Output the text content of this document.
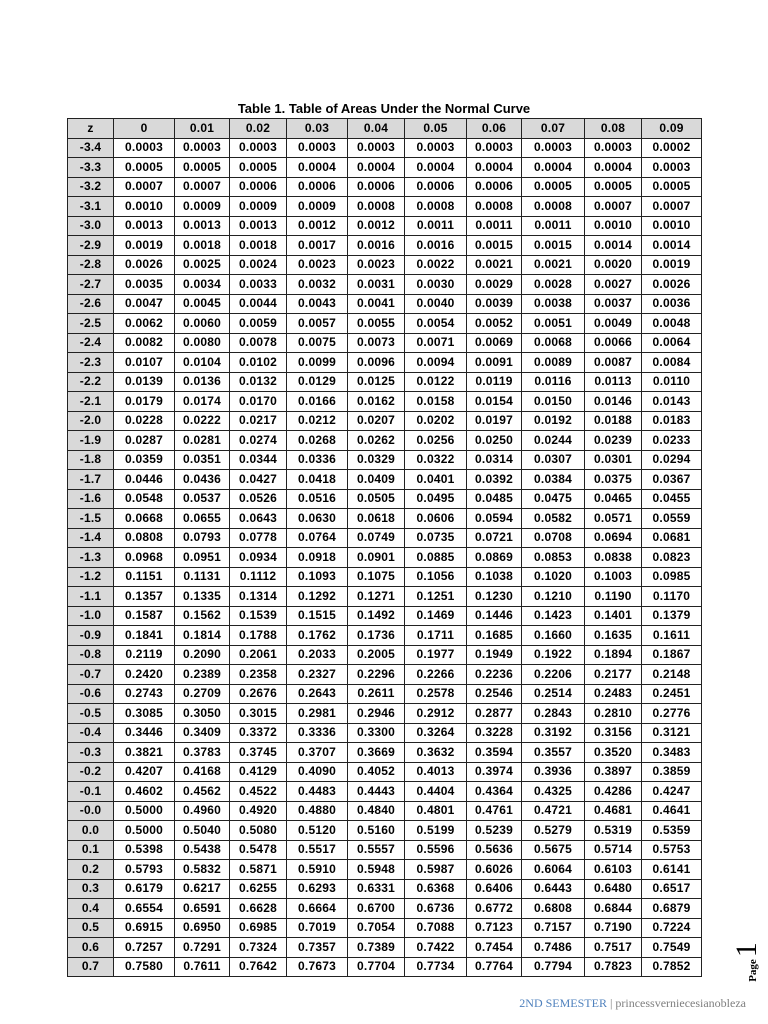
Table 1. Table of Areas Under the Normal Curve
z	0	0.01	0.02	0.03	0.04	0.05	0.06	0.07	0.08	0.09
-3.4	0.0003	0.0003	0.0003	0.0003	0.0003	0.0003	0.0003	0.0003	0.0003	0.0002
-3.3	0.0005	0.0005	0.0005	0.0004	0.0004	0.0004	0.0004	0.0004	0.0004	0.0003
-3.2	0.0007	0.0007	0.0006	0.0006	0.0006	0.0006	0.0006	0.0005	0.0005	0.0005
-3.1	0.0010	0.0009	0.0009	0.0009	0.0008	0.0008	0.0008	0.0008	0.0007	0.0007
-3.0	0.0013	0.0013	0.0013	0.0012	0.0012	0.0011	0.0011	0.0011	0.0010	0.0010
-2.9	0.0019	0.0018	0.0018	0.0017	0.0016	0.0016	0.0015	0.0015	0.0014	0.0014
-2.8	0.0026	0.0025	0.0024	0.0023	0.0023	0.0022	0.0021	0.0021	0.0020	0.0019
-2.7	0.0035	0.0034	0.0033	0.0032	0.0031	0.0030	0.0029	0.0028	0.0027	0.0026
-2.6	0.0047	0.0045	0.0044	0.0043	0.0041	0.0040	0.0039	0.0038	0.0037	0.0036
-2.5	0.0062	0.0060	0.0059	0.0057	0.0055	0.0054	0.0052	0.0051	0.0049	0.0048
-2.4	0.0082	0.0080	0.0078	0.0075	0.0073	0.0071	0.0069	0.0068	0.0066	0.0064
-2.3	0.0107	0.0104	0.0102	0.0099	0.0096	0.0094	0.0091	0.0089	0.0087	0.0084
-2.2	0.0139	0.0136	0.0132	0.0129	0.0125	0.0122	0.0119	0.0116	0.0113	0.0110
-2.1	0.0179	0.0174	0.0170	0.0166	0.0162	0.0158	0.0154	0.0150	0.0146	0.0143
-2.0	0.0228	0.0222	0.0217	0.0212	0.0207	0.0202	0.0197	0.0192	0.0188	0.0183
-1.9	0.0287	0.0281	0.0274	0.0268	0.0262	0.0256	0.0250	0.0244	0.0239	0.0233
-1.8	0.0359	0.0351	0.0344	0.0336	0.0329	0.0322	0.0314	0.0307	0.0301	0.0294
-1.7	0.0446	0.0436	0.0427	0.0418	0.0409	0.0401	0.0392	0.0384	0.0375	0.0367
-1.6	0.0548	0.0537	0.0526	0.0516	0.0505	0.0495	0.0485	0.0475	0.0465	0.0455
-1.5	0.0668	0.0655	0.0643	0.0630	0.0618	0.0606	0.0594	0.0582	0.0571	0.0559
-1.4	0.0808	0.0793	0.0778	0.0764	0.0749	0.0735	0.0721	0.0708	0.0694	0.0681
-1.3	0.0968	0.0951	0.0934	0.0918	0.0901	0.0885	0.0869	0.0853	0.0838	0.0823
-1.2	0.1151	0.1131	0.1112	0.1093	0.1075	0.1056	0.1038	0.1020	0.1003	0.0985
-1.1	0.1357	0.1335	0.1314	0.1292	0.1271	0.1251	0.1230	0.1210	0.1190	0.1170
-1.0	0.1587	0.1562	0.1539	0.1515	0.1492	0.1469	0.1446	0.1423	0.1401	0.1379
-0.9	0.1841	0.1814	0.1788	0.1762	0.1736	0.1711	0.1685	0.1660	0.1635	0.1611
-0.8	0.2119	0.2090	0.2061	0.2033	0.2005	0.1977	0.1949	0.1922	0.1894	0.1867
-0.7	0.2420	0.2389	0.2358	0.2327	0.2296	0.2266	0.2236	0.2206	0.2177	0.2148
-0.6	0.2743	0.2709	0.2676	0.2643	0.2611	0.2578	0.2546	0.2514	0.2483	0.2451
-0.5	0.3085	0.3050	0.3015	0.2981	0.2946	0.2912	0.2877	0.2843	0.2810	0.2776
-0.4	0.3446	0.3409	0.3372	0.3336	0.3300	0.3264	0.3228	0.3192	0.3156	0.3121
-0.3	0.3821	0.3783	0.3745	0.3707	0.3669	0.3632	0.3594	0.3557	0.3520	0.3483
-0.2	0.4207	0.4168	0.4129	0.4090	0.4052	0.4013	0.3974	0.3936	0.3897	0.3859
-0.1	0.4602	0.4562	0.4522	0.4483	0.4443	0.4404	0.4364	0.4325	0.4286	0.4247
-0.0	0.5000	0.4960	0.4920	0.4880	0.4840	0.4801	0.4761	0.4721	0.4681	0.4641
0.0	0.5000	0.5040	0.5080	0.5120	0.5160	0.5199	0.5239	0.5279	0.5319	0.5359
0.1	0.5398	0.5438	0.5478	0.5517	0.5557	0.5596	0.5636	0.5675	0.5714	0.5753
0.2	0.5793	0.5832	0.5871	0.5910	0.5948	0.5987	0.6026	0.6064	0.6103	0.6141
0.3	0.6179	0.6217	0.6255	0.6293	0.6331	0.6368	0.6406	0.6443	0.6480	0.6517
0.4	0.6554	0.6591	0.6628	0.6664	0.6700	0.6736	0.6772	0.6808	0.6844	0.6879
0.5	0.6915	0.6950	0.6985	0.7019	0.7054	0.7088	0.7123	0.7157	0.7190	0.7224
0.6	0.7257	0.7291	0.7324	0.7357	0.7389	0.7422	0.7454	0.7486	0.7517	0.7549
0.7	0.7580	0.7611	0.7642	0.7673	0.7704	0.7734	0.7764	0.7794	0.7823	0.7852	Page
1
2ND SEMESTER | princessverniecesianobleza
